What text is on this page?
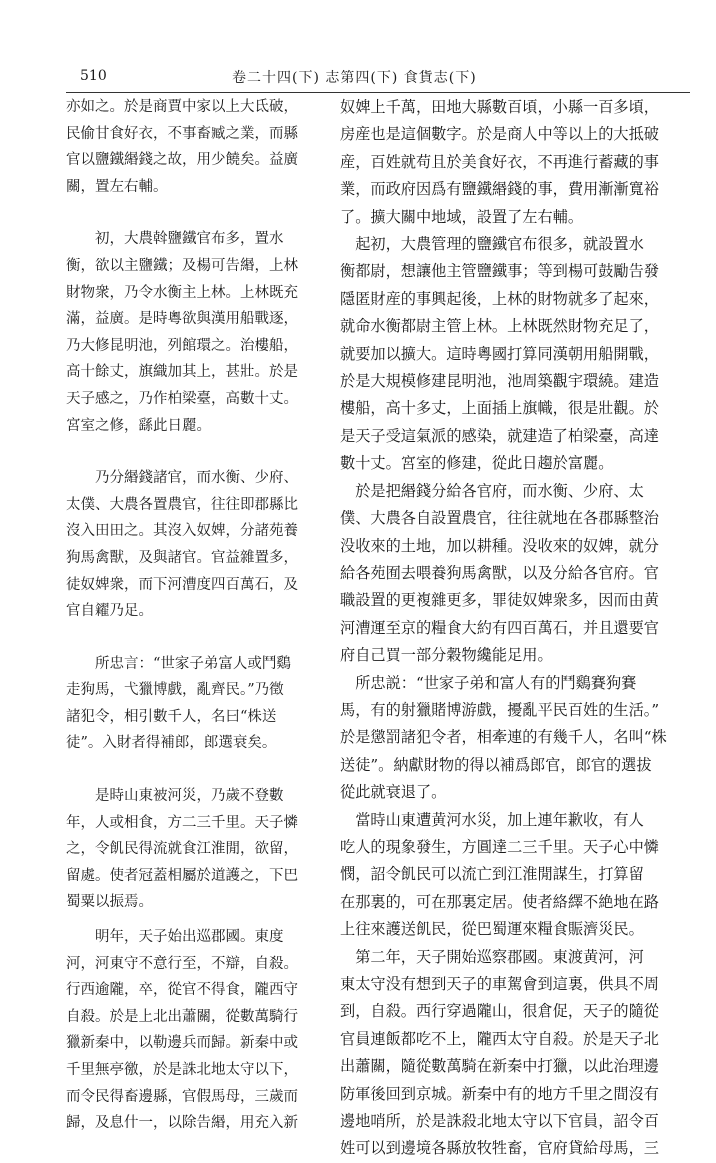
510	卷二十四(下) 志第四(下) 食貨志(下)

亦如之。於是商賈中家以上大氐破，
民偷甘食好衣，不事畜臧之業，而縣
官以鹽鐵緡錢之故，用少饒矣。益廣
關，置左右輔。

　　初，大農斡鹽鐵官布多，置水
衡，欲以主鹽鐵；及楊可告緡，上林
財物衆，乃令水衡主上林。上林既充
滿，益廣。是時粵欲與漢用船戰逐，
乃大修昆明池，列館環之。治樓船，
高十餘丈，旗織加其上，甚壯。於是
天子感之，乃作柏梁臺，高數十丈。
宮室之修，繇此日麗。

　　乃分緡錢諸官，而水衡、少府、
太僕、大農各置農官，往往即郡縣比
沒入田田之。其沒入奴婢，分諸苑養
狗馬禽獸，及與諸官。官益雜置多，
徒奴婢衆，而下河漕度四百萬石，及
官自糴乃足。

　　所忠言：“世家子弟富人或鬥鷄
走狗馬，弋獵博戲，亂齊民。”乃徵
諸犯令，相引數千人，名曰“株送
徒”。入財者得補郎，郎選衰矣。

　　是時山東被河災，乃歲不登數
年，人或相食，方二三千里。天子憐
之，令飢民得流就食江淮閒，欲留，
留處。使者冠蓋相屬於道護之，下巴
蜀粟以振焉。

　　明年，天子始出巡郡國。東度
河，河東守不意行至，不辯，自殺。
行西逾隴，卒，從官不得食，隴西守
自殺。於是上北出蕭關，從數萬騎行
獵新秦中，以勒邊兵而歸。新秦中或
千里無亭徼，於是誅北地太守以下，
而令民得畜邊縣，官假馬母，三歲而
歸，及息什一，以除告緡，用充入新

奴婢上千萬，田地大縣數百頃，小縣一百多頃，
房産也是這個數字。於是商人中等以上的大抵破
産，百姓就苟且於美食好衣，不再進行蓄藏的事
業，而政府因爲有鹽鐵緡錢的事，費用漸漸寬裕
了。擴大關中地域，設置了左右輔。

　起初，大農管理的鹽鐵官布很多，就設置水
衡都尉，想讓他主管鹽鐵事；等到楊可鼓勵告發
隱匿財産的事興起後，上林的財物就多了起來，
就命水衡都尉主管上林。上林既然財物充足了，
就要加以擴大。這時粵國打算同漢朝用船開戰，
於是大規模修建昆明池，池周築觀宇環繞。建造
樓船，高十多丈，上面插上旗幟，很是壯觀。於
是天子受這氣派的感染，就建造了柏梁臺，高達
數十丈。宮室的修建，從此日趨於富麗。

　於是把緡錢分給各官府，而水衡、少府、太
僕、大農各自設置農官，往往就地在各郡縣整治
没收來的土地，加以耕種。没收來的奴婢，就分
給各苑囿去喂養狗馬禽獸，以及分給各官府。官
職設置的更複雜更多，罪徒奴婢衆多，因而由黄
河漕運至京的糧食大約有四百萬石，并且還要官
府自己買一部分穀物纔能足用。

　所忠説：“世家子弟和富人有的鬥鷄賽狗賽
馬，有的射獵賭博游戲，擾亂平民百姓的生活。”
於是懲罰諸犯令者，相牽連的有幾千人，名叫“株
送徒”。納獻財物的得以補爲郎官，郎官的選拔
從此就衰退了。

　當時山東遭黄河水災，加上連年歉收，有人
吃人的現象發生，方圓達二三千里。天子心中憐
憫，詔令飢民可以流亡到江淮閒謀生，打算留
在那裏的，可在那裏定居。使者絡繹不絶地在路
上往來護送飢民，從巴蜀運來糧食賑濟災民。

　第二年，天子開始巡察郡國。東渡黄河，河
東太守没有想到天子的車駕會到這裏，供具不周
到，自殺。西行穿過隴山，很倉促，天子的隨從
官員連飯都吃不上，隴西太守自殺。於是天子北
出蕭關，隨從數萬騎在新秦中打獵，以此治理邊
防軍後回到京城。新秦中有的地方千里之間沒有
邊地哨所，於是誅殺北地太守以下官員，詔令百
姓可以到邊境各縣放牧牲畜，官府貸給母馬，三
